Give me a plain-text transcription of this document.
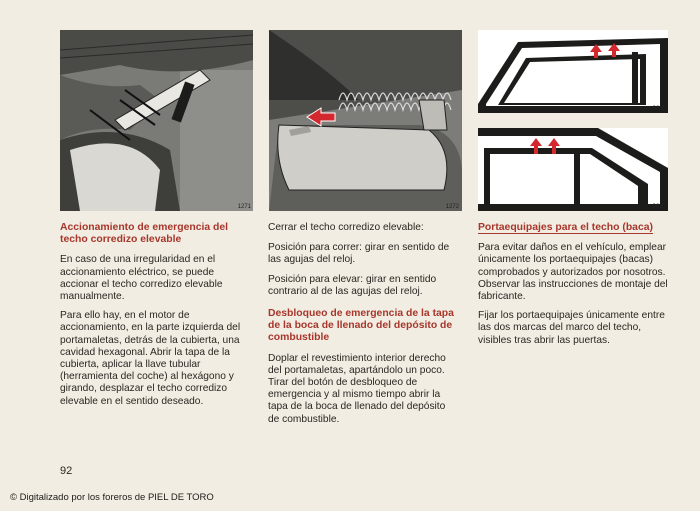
1271	1272
9838
9837
Accionamiento de emergencia del techo corredizo elevable

En caso de una irregularidad en el accionamiento eléctrico, se puede accionar el techo corredizo elevable manualmente.

Para ello hay, en el motor de accionamiento, en la parte izquierda del portamaletas, detrás de la cubierta, una cavidad hexagonal. Abrir la tapa de la cubierta, aplicar la llave tubular (herramienta del coche) al hexágono y girando, desplazar el techo corredizo elevable en el sentido deseado.

Cerrar el techo corredizo elevable:

Posición para correr: girar en sentido de las agujas del reloj.

Posición para elevar: girar en sentido contrario al de las agujas del reloj.

Desbloqueo de emergencia de la tapa de la boca de llenado del depósito de combustible

Doplar el revestimiento interior derecho del portamaletas, apartándolo un poco. Tirar del botón de desbloqueo de emergencia y al mismo tiempo abrir la tapa de la boca de llenado del depósito de combustible.

Portaequipajes para el techo (baca)

Para evitar daños en el vehículo, emplear únicamente los portaequipajes (bacas) comprobados y autorizados por nosotros. Observar las instrucciones de montaje del fabricante.

Fijar los portaequipajes únicamente entre las dos marcas del marco del techo, visibles tras abrir las puertas.

92
© Digitalizado por los foreros de PIEL DE TORO
